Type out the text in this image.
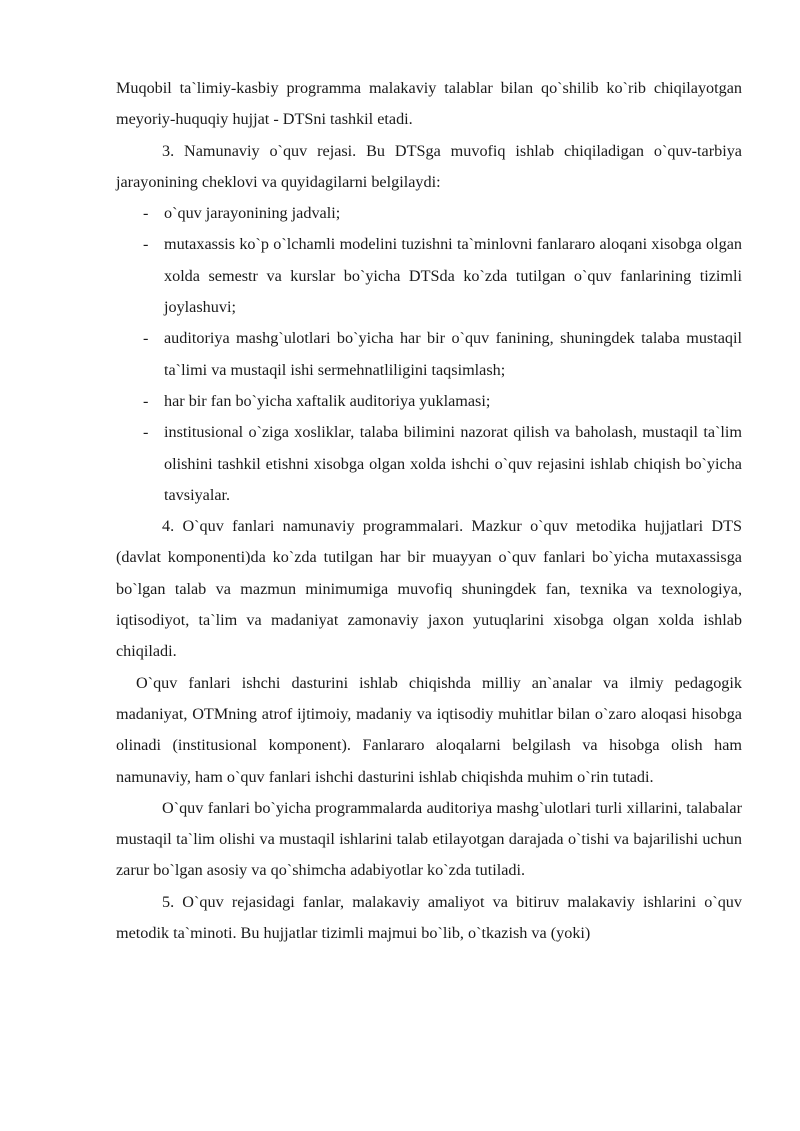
Muqobil ta`limiy-kasbiy programma malakaviy talablar bilan qo`shilib ko`rib chiqilayotgan meyoriy-huquqiy hujjat - DTSni tashkil etadi.

3. Namunaviy o`quv rejasi. Bu DTSga muvofiq ishlab chiqiladigan o`quv-tarbiya jarayonining cheklovi va quyidagilarni belgilaydi:

- o`quv jarayonining jadvali;
- mutaxassis ko`p o`lchamli modelini tuzishni ta`minlovni fanlararo aloqani xisobga olgan xolda semestr va kurslar bo`yicha DTSda ko`zda tutilgan o`quv fanlarining tizimli joylashuvi;
- auditoriya mashg`ulotlari bo`yicha har bir o`quv fanining, shuningdek talaba mustaqil ta`limi va mustaqil ishi sermehnatliligini taqsimlash;
- har bir fan bo`yicha xaftalik auditoriya yuklamasi;
- institusional o`ziga xosliklar, talaba bilimini nazorat qilish va baholash, mustaqil ta`lim olishini tashkil etishni xisobga olgan xolda ishchi o`quv rejasini ishlab chiqish bo`yicha tavsiyalar.

4. O`quv fanlari namunaviy programmalari. Mazkur o`quv metodika hujjatlari DTS (davlat komponenti)da ko`zda tutilgan har bir muayyan o`quv fanlari bo`yicha mutaxassisga bo`lgan talab va mazmun minimumiga muvofiq shuningdek fan, texnika va texnologiya, iqtisodiyot, ta`lim va madaniyat zamonaviy jaxon yutuqlarini xisobga olgan xolda ishlab chiqiladi.

O`quv fanlari ishchi dasturini ishlab chiqishda milliy an`analar va ilmiy pedagogik madaniyat, OTMning atrof ijtimoiy, madaniy va iqtisodiy muhitlar bilan o`zaro aloqasi hisobga olinadi (institusional komponent). Fanlararo aloqalarni belgilash va hisobga olish ham namunaviy, ham o`quv fanlari ishchi dasturini ishlab chiqishda muhim o`rin tutadi.

O`quv fanlari bo`yicha programmalarda auditoriya mashg`ulotlari turli xillarini, talabalar mustaqil ta`lim olishi va mustaqil ishlarini talab etilayotgan darajada o`tishi va bajarilishi uchun zarur bo`lgan asosiy va qo`shimcha adabiyotlar ko`zda tutiladi.

5. O`quv rejasidagi fanlar, malakaviy amaliyot va bitiruv malakaviy ishlarini o`quv metodik ta`minoti. Bu hujjatlar tizimli majmui bo`lib, o`tkazish va (yoki)
